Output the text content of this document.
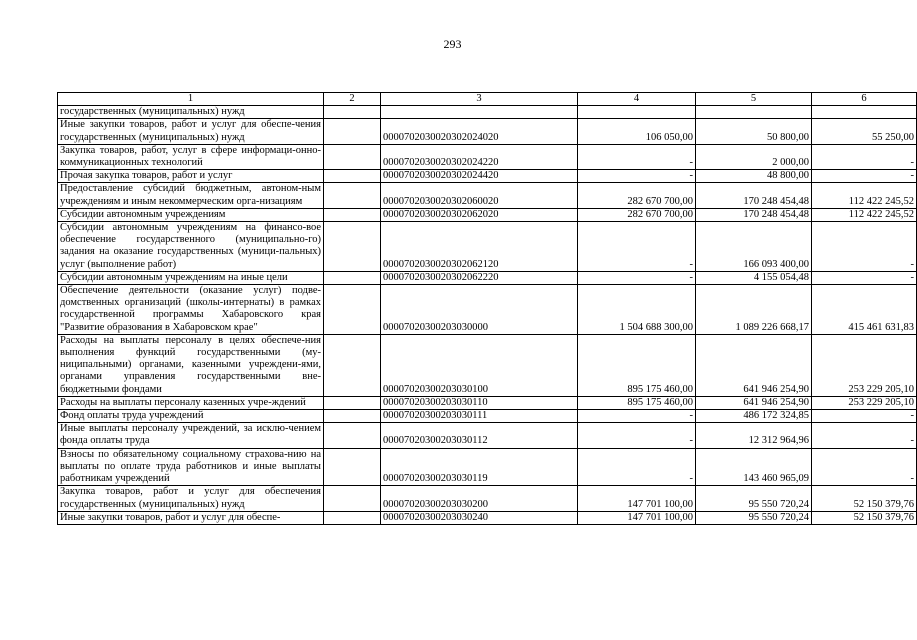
293
1	2	3	4	5	6
государственных (муниципальных) нужд					
Иные закупки товаров, работ и услуг для обеспе-чения государственных (муниципальных) нужд		0000702030020302024020	106 050,00	50 800,00	55 250,00
Закупка товаров, работ, услуг в сфере информаци-онно-коммуникационных технологий		0000702030020302024220	-	2 000,00	-
Прочая закупка товаров, работ и услуг		0000702030020302024420	-	48 800,00	-
Предоставление субсидий бюджетным, автоном-ным учреждениям и иным некоммерческим орга-низациям		0000702030020302060020	282 670 700,00	170 248 454,48	112 422 245,52
Субсидии автономным учреждениям		0000702030020302062020	282 670 700,00	170 248 454,48	112 422 245,52
Субсидии автономным учреждениям на финансо-вое обеспечение государственного (муниципально-го) задания на оказание государственных (муници-пальных) услуг (выполнение работ)		0000702030020302062120	-	166 093 400,00	-
Субсидии автономным учреждениям на иные цели		0000702030020302062220	-	4 155 054,48	-
Обеспечение деятельности (оказание услуг) подве-домственных организаций (школы-интернаты) в рамках государственной программы Хабаровского края "Развитие образования в Хабаровском крае"		00007020300203030000	1 504 688 300,00	1 089 226 668,17	415 461 631,83
Расходы на выплаты персоналу в целях обеспече-ния выполнения функций государственными (му-ниципальными) органами, казенными учреждени-ями, органами управления государственными вне-бюджетными фондами		00007020300203030100	895 175 460,00	641 946 254,90	253 229 205,10
Расходы на выплаты персоналу казенных учре-ждений		00007020300203030110	895 175 460,00	641 946 254,90	253 229 205,10
Фонд оплаты труда учреждений		00007020300203030111	-	486 172 324,85	-
Иные выплаты персоналу учреждений, за исклю-чением фонда оплаты труда		00007020300203030112	-	12 312 964,96	-
Взносы по обязательному социальному страхова-нию на выплаты по оплате труда работников и иные выплаты работникам учреждений		00007020300203030119	-	143 460 965,09	-
Закупка товаров, работ и услуг для обеспечения государственных (муниципальных) нужд		00007020300203030200	147 701 100,00	95 550 720,24	52 150 379,76
Иные закупки товаров, работ и услуг для обеспе-		00007020300203030240	147 701 100,00	95 550 720,24	52 150 379,76
